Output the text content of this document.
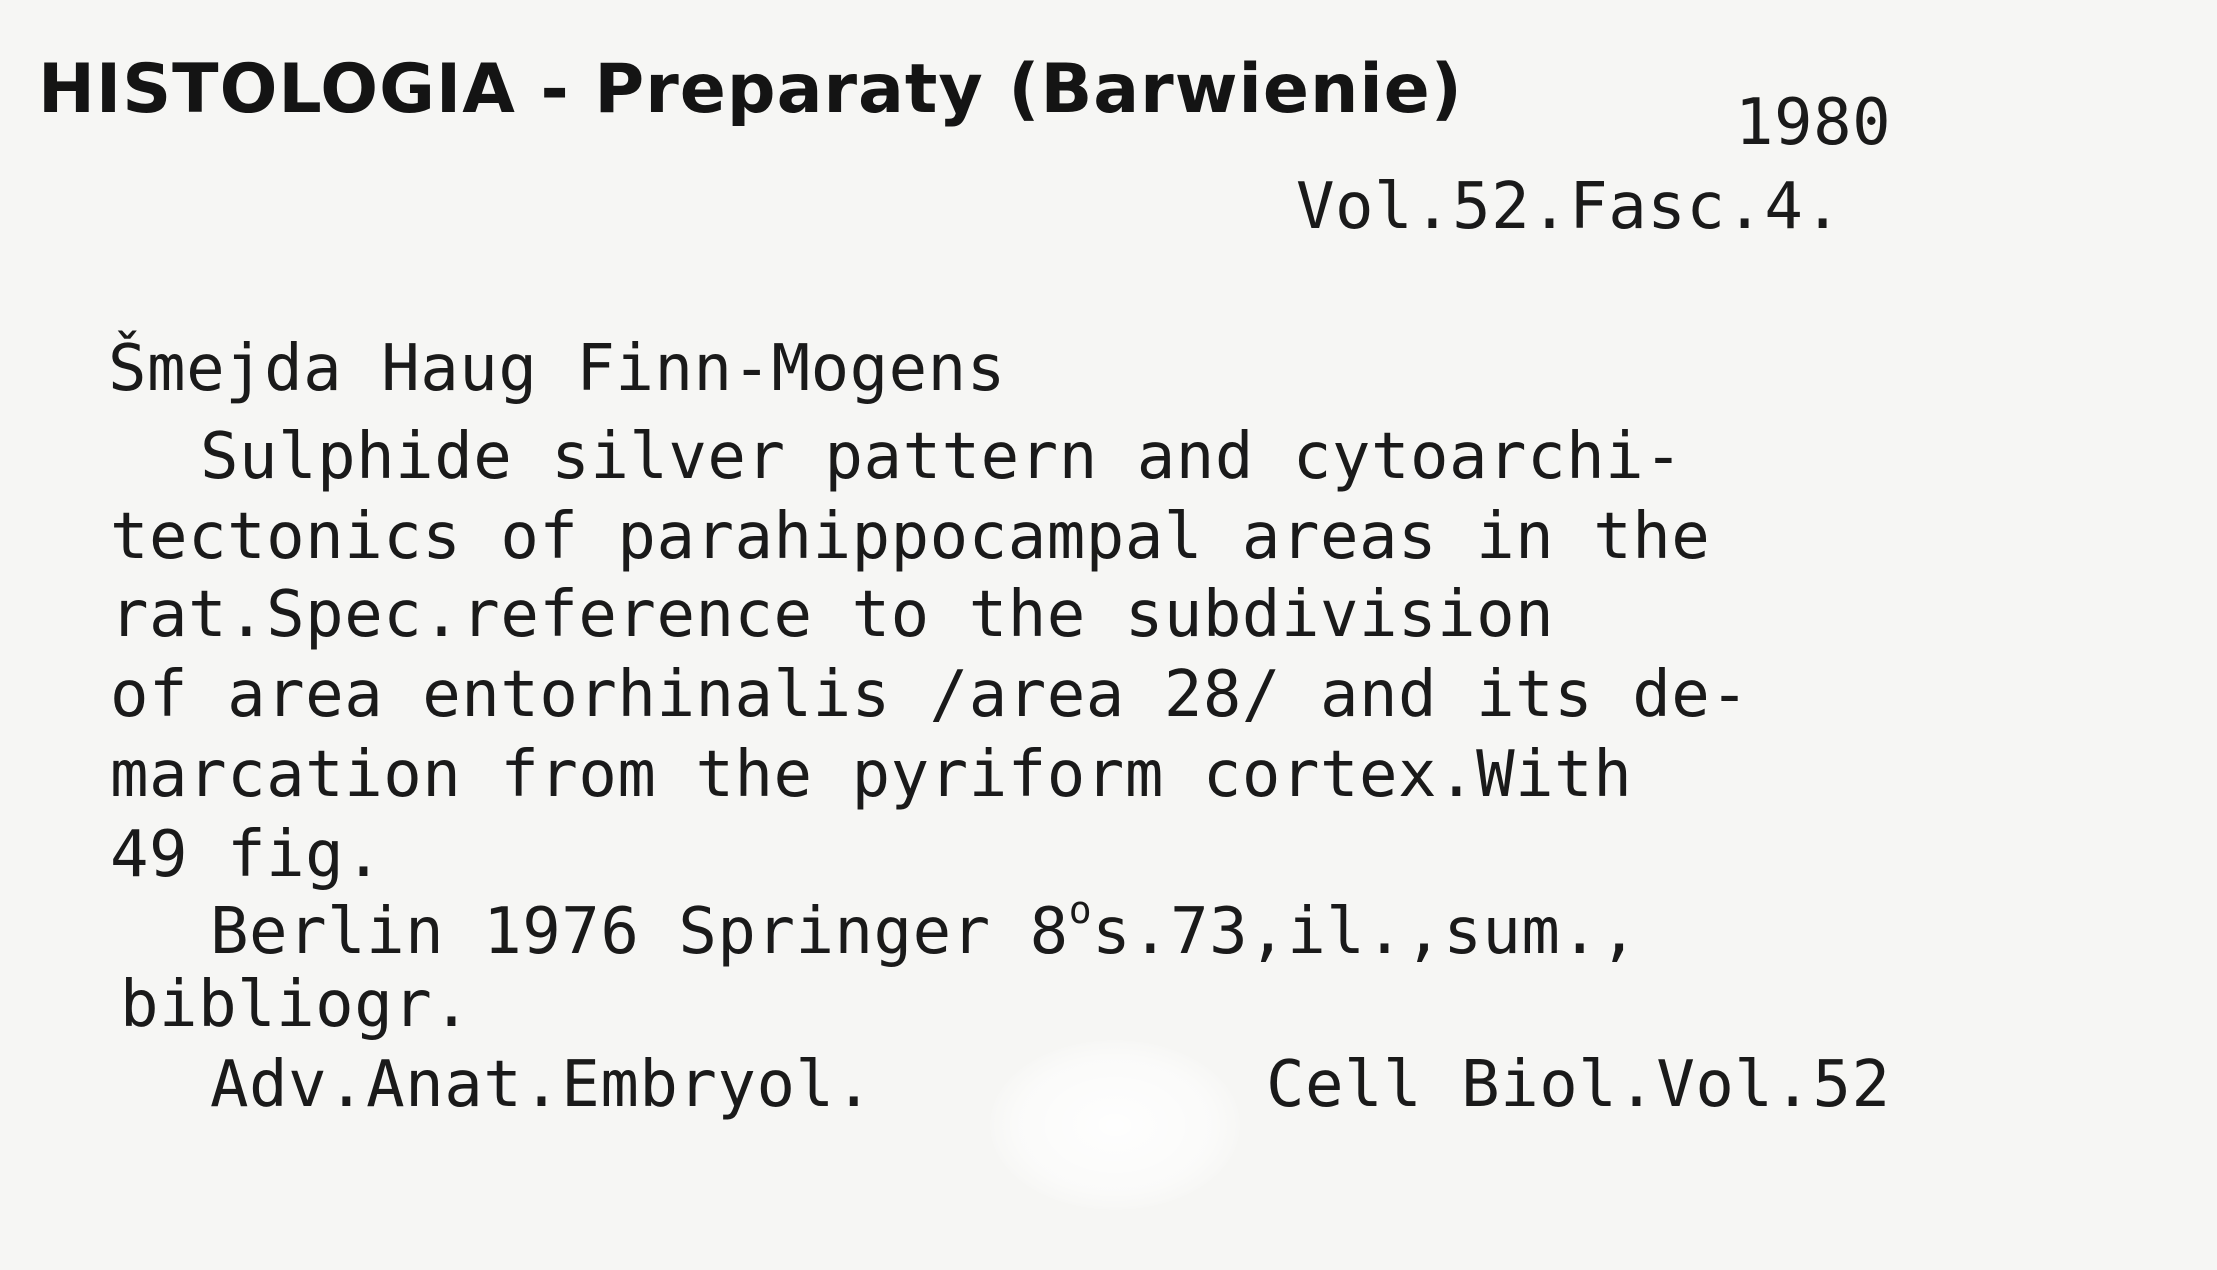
HISTOLOGIA - Preparaty (Barwienie)	1980
Vol.52.Fasc.4.
Šmejda Haug Finn-Mogens
Sulphide silver pattern and cytoarchi-
tectonics of parahippocampal areas in the
rat.Spec.reference to the subdivision
of area entorhinalis /area 28/ and its de-
marcation from the pyriform cortex.With
49 fig.
Berlin 1976 Springer 8$^o$s.73,il.,sum.,
bibliogr.
Adv.Anat.Embryol.	Cell Biol.Vol.52
